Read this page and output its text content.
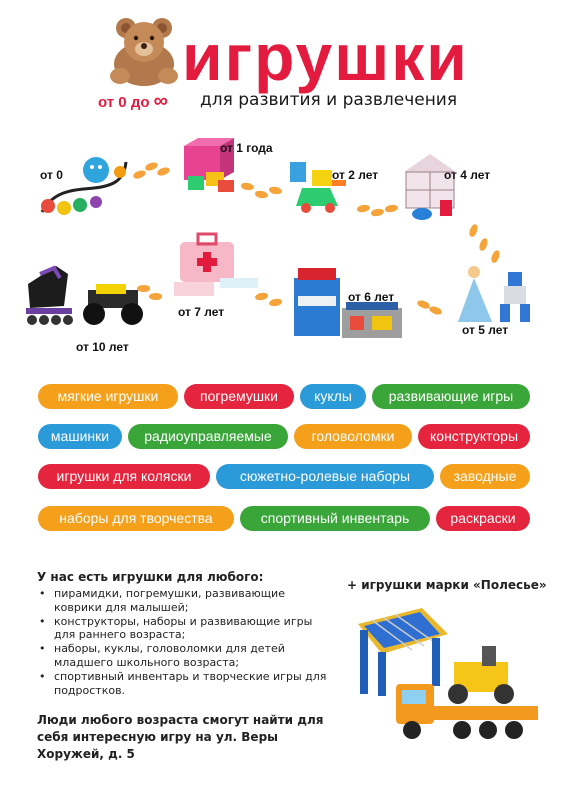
игрушки
от 0 до ∞ для развития и развлечения
от 0
от 1 года
от 2 лет	от 4 лет
от 5 лет
от 6 лет
от 7 лет
от 10 лет
мягкие игрушки	погремушки	куклы	развивающие игры
машинки	радиоуправляемые	головоломки	конструкторы
игрушки для коляски	сюжетно-ролевые наборы	заводные
наборы для творчества	спортивный инвентарь	раскраски
У нас есть игрушки для любого:
• пирамидки, погремушки, развивающие коврики для малышей;
• конструкторы, наборы и развивающие игры для раннего возраста;
• наборы, куклы, головоломки для детей младшего школьного возраста;
• спортивный инвентарь и творческие игры для подростков.
Люди любого возраста смогут найти для себя интересную игру на ул. Веры Хоружей, д. 5
+ игрушки марки «Полесье»
